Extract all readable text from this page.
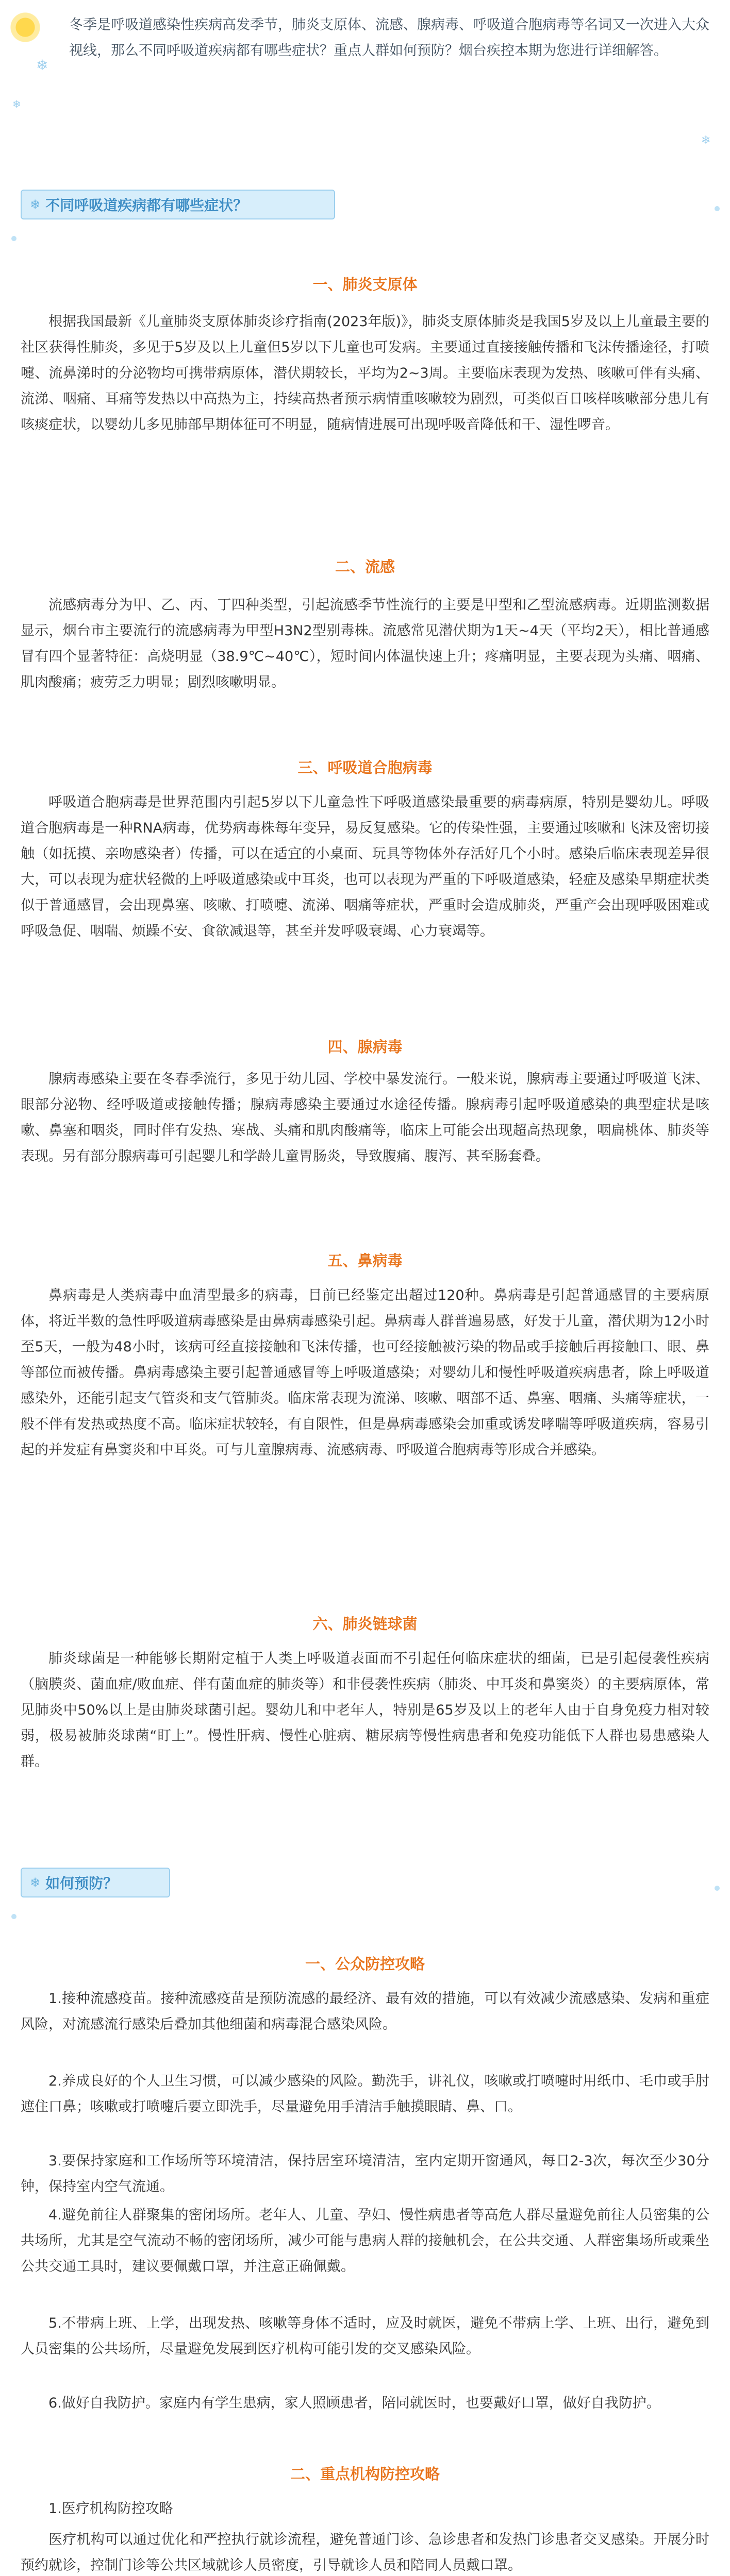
❄
❄
❄

冬季是呼吸道感染性疾病高发季节，肺炎支原体、流感、腺病毒、呼吸道合胞病毒等名词又一次进入大众视线，那么不同呼吸道疾病都有哪些症状？重点人群如何预防？烟台疾控本期为您进行详细解答。

❄ 不同呼吸道疾病都有哪些症状？
一、肺炎支原体

根据我国最新《儿童肺炎支原体肺炎诊疗指南(2023年版)》，肺炎支原体肺炎是我国5岁及以上儿童最主要的社区获得性肺炎，多见于5岁及以上儿童但5岁以下儿童也可发病。主要通过直接接触传播和飞沫传播途径，打喷嚏、流鼻涕时的分泌物均可携带病原体，潜伏期较长，平均为2~3周。主要临床表现为发热、咳嗽可伴有头痛、流涕、咽痛、耳痛等发热以中高热为主，持续高热者预示病情重咳嗽较为剧烈，可类似百日咳样咳嗽部分患儿有咳痰症状，以婴幼儿多见肺部早期体征可不明显，随病情进展可出现呼吸音降低和干、湿性啰音。

二、流感

流感病毒分为甲、乙、丙、丁四种类型，引起流感季节性流行的主要是甲型和乙型流感病毒。近期监测数据显示，烟台市主要流行的流感病毒为甲型H3N2型别毒株。流感常见潜伏期为1天~4天（平均2天），相比普通感冒有四个显著特征：高烧明显（38.9℃~40℃），短时间内体温快速上升；疼痛明显，主要表现为头痛、咽痛、肌肉酸痛；疲劳乏力明显；剧烈咳嗽明显。

三、呼吸道合胞病毒

呼吸道合胞病毒是世界范围内引起5岁以下儿童急性下呼吸道感染最重要的病毒病原，特别是婴幼儿。呼吸道合胞病毒是一种RNA病毒，优势病毒株每年变异，易反复感染。它的传染性强，主要通过咳嗽和飞沫及密切接触（如抚摸、亲吻感染者）传播，可以在适宜的小桌面、玩具等物体外存活好几个小时。感染后临床表现差异很大，可以表现为症状轻微的上呼吸道感染或中耳炎，也可以表现为严重的下呼吸道感染，轻症及感染早期症状类似于普通感冒，会出现鼻塞、咳嗽、打喷嚏、流涕、咽痛等症状，严重时会造成肺炎，严重产会出现呼吸困难或呼吸急促、咽喘、烦躁不安、食欲减退等，甚至并发呼吸衰竭、心力衰竭等。

四、腺病毒

腺病毒感染主要在冬春季流行，多见于幼儿园、学校中暴发流行。一般来说，腺病毒主要通过呼吸道飞沫、眼部分泌物、经呼吸道或接触传播；腺病毒感染主要通过水途径传播。腺病毒引起呼吸道感染的典型症状是咳嗽、鼻塞和咽炎，同时伴有发热、寒战、头痛和肌肉酸痛等，临床上可能会出现超高热现象，咽扁桃体、肺炎等表现。另有部分腺病毒可引起婴儿和学龄儿童胃肠炎，导致腹痛、腹泻、甚至肠套叠。

五、鼻病毒

鼻病毒是人类病毒中血清型最多的病毒，目前已经鉴定出超过120种。鼻病毒是引起普通感冒的主要病原体，将近半数的急性呼吸道病毒感染是由鼻病毒感染引起。鼻病毒人群普遍易感，好发于儿童，潜伏期为12小时至5天，一般为48小时，该病可经直接接触和飞沫传播，也可经接触被污染的物品或手接触后再接触口、眼、鼻等部位而被传播。鼻病毒感染主要引起普通感冒等上呼吸道感染；对婴幼儿和慢性呼吸道疾病患者，除上呼吸道感染外，还能引起支气管炎和支气管肺炎。临床常表现为流涕、咳嗽、咽部不适、鼻塞、咽痛、头痛等症状，一般不伴有发热或热度不高。临床症状较轻，有自限性，但是鼻病毒感染会加重或诱发哮喘等呼吸道疾病，容易引起的并发症有鼻窦炎和中耳炎。可与儿童腺病毒、流感病毒、呼吸道合胞病毒等形成合并感染。

六、肺炎链球菌

肺炎球菌是一种能够长期附定植于人类上呼吸道表面而不引起任何临床症状的细菌，已是引起侵袭性疾病（脑膜炎、菌血症/败血症、伴有菌血症的肺炎等）和非侵袭性疾病（肺炎、中耳炎和鼻窦炎）的主要病原体，常见肺炎中50%以上是由肺炎球菌引起。婴幼儿和中老年人，特别是65岁及以上的老年人由于自身免疫力相对较弱，极易被肺炎球菌“盯上”。慢性肝病、慢性心脏病、糖尿病等慢性病患者和免疫功能低下人群也易患感染人群。

❄ 如何预防？
一、公众防控攻略

1.接种流感疫苗。接种流感疫苗是预防流感的最经济、最有效的措施，可以有效减少流感感染、发病和重症风险，对流感流行感染后叠加其他细菌和病毒混合感染风险。

2.养成良好的个人卫生习惯，可以减少感染的风险。勤洗手，讲礼仪，咳嗽或打喷嚏时用纸巾、毛巾或手肘遮住口鼻；咳嗽或打喷嚏后要立即洗手，尽量避免用手清洁手触摸眼睛、鼻、口。

3.要保持家庭和工作场所等环境清洁，保持居室环境清洁，室内定期开窗通风，每日2-3次，每次至少30分钟，保持室内空气流通。

4.避免前往人群聚集的密闭场所。老年人、儿童、孕妇、慢性病患者等高危人群尽量避免前往人员密集的公共场所，尤其是空气流动不畅的密闭场所，减少可能与患病人群的接触机会，在公共交通、人群密集场所或乘坐公共交通工具时，建议要佩戴口罩，并注意正确佩戴。

5.不带病上班、上学，出现发热、咳嗽等身体不适时，应及时就医，避免不带病上学、上班、出行，避免到人员密集的公共场所，尽量避免发展到医疗机构可能引发的交叉感染风险。

6.做好自我防护。家庭内有学生患病，家人照顾患者，陪同就医时，也要戴好口罩，做好自我防护。

二、重点机构防控攻略

1.医疗机构防控攻略

医疗机构可以通过优化和严控执行就诊流程，避免普通门诊、急诊患者和发热门诊患者交叉感染。开展分时预约就诊，控制门诊等公共区域就诊人员密度，引导就诊人员和陪同人员戴口罩。
